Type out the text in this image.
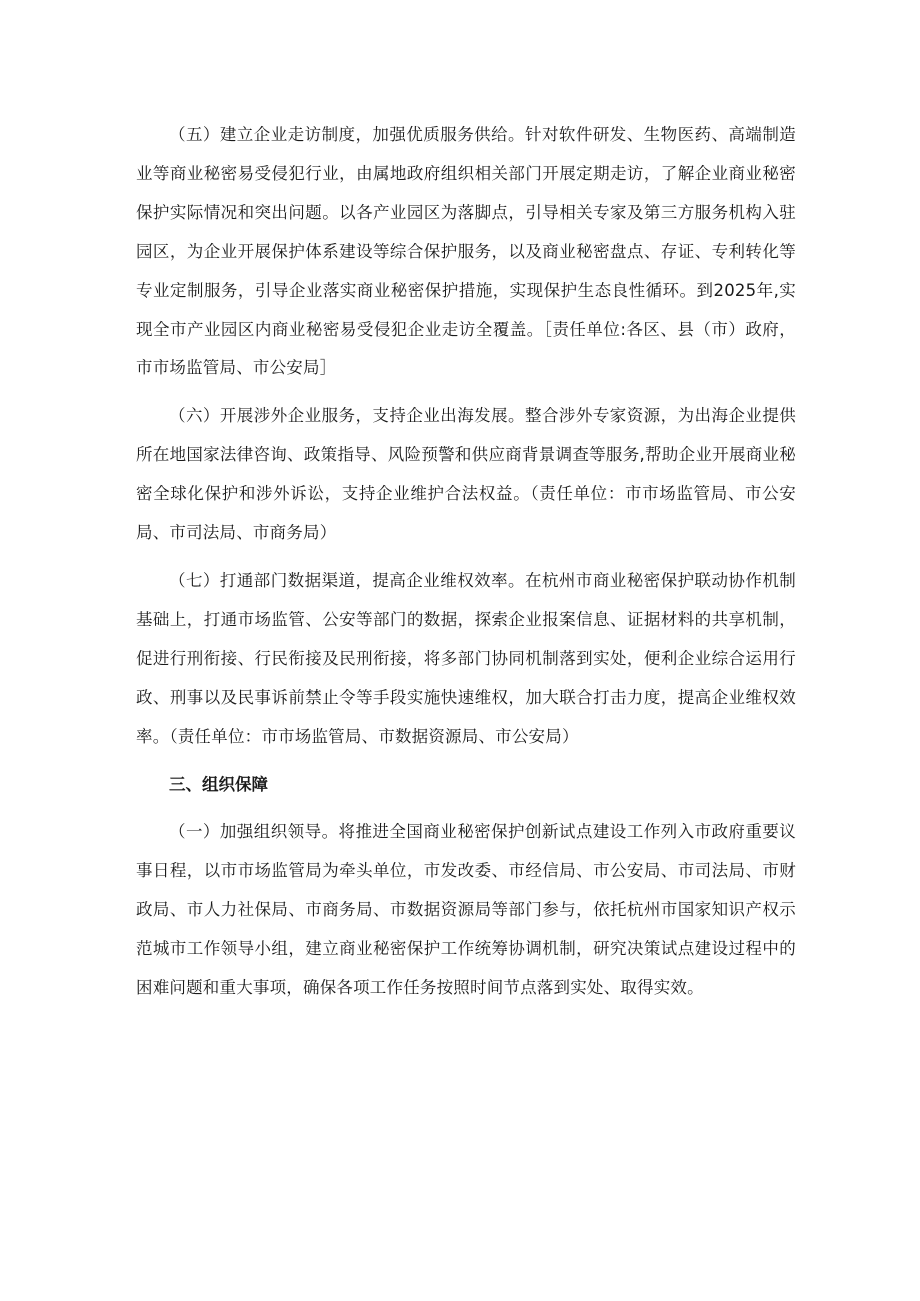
（五）建立企业走访制度，加强优质服务供给。针对软件研发、生物医药、高端制造业等商业秘密易受侵犯行业，由属地政府组织相关部门开展定期走访，了解企业商业秘密保护实际情况和突出问题。以各产业园区为落脚点，引导相关专家及第三方服务机构入驻园区，为企业开展保护体系建设等综合保护服务，以及商业秘密盘点、存证、专利转化等专业定制服务，引导企业落实商业秘密保护措施，实现保护生态良性循环。到2025年,实现全市产业园区内商业秘密易受侵犯企业走访全覆盖。［责任单位:各区、县（市）政府，市市场监管局、市公安局］

（六）开展涉外企业服务，支持企业出海发展。整合涉外专家资源，为出海企业提供所在地国家法律咨询、政策指导、风险预警和供应商背景调查等服务,帮助企业开展商业秘密全球化保护和涉外诉讼，支持企业维护合法权益。（责任单位：市市场监管局、市公安局、市司法局、市商务局）

（七）打通部门数据渠道，提高企业维权效率。在杭州市商业秘密保护联动协作机制基础上，打通市场监管、公安等部门的数据，探索企业报案信息、证据材料的共享机制，促进行刑衔接、行民衔接及民刑衔接，将多部门协同机制落到实处，便利企业综合运用行政、刑事以及民事诉前禁止令等手段实施快速维权，加大联合打击力度，提高企业维权效率。（责任单位：市市场监管局、市数据资源局、市公安局）

三、组织保障

（一）加强组织领导。将推进全国商业秘密保护创新试点建设工作列入市政府重要议事日程，以市市场监管局为牵头单位，市发改委、市经信局、市公安局、市司法局、市财政局、市人力社保局、市商务局、市数据资源局等部门参与，依托杭州市国家知识产权示范城市工作领导小组，建立商业秘密保护工作统筹协调机制，研究决策试点建设过程中的困难问题和重大事项，确保各项工作任务按照时间节点落到实处、取得实效。
